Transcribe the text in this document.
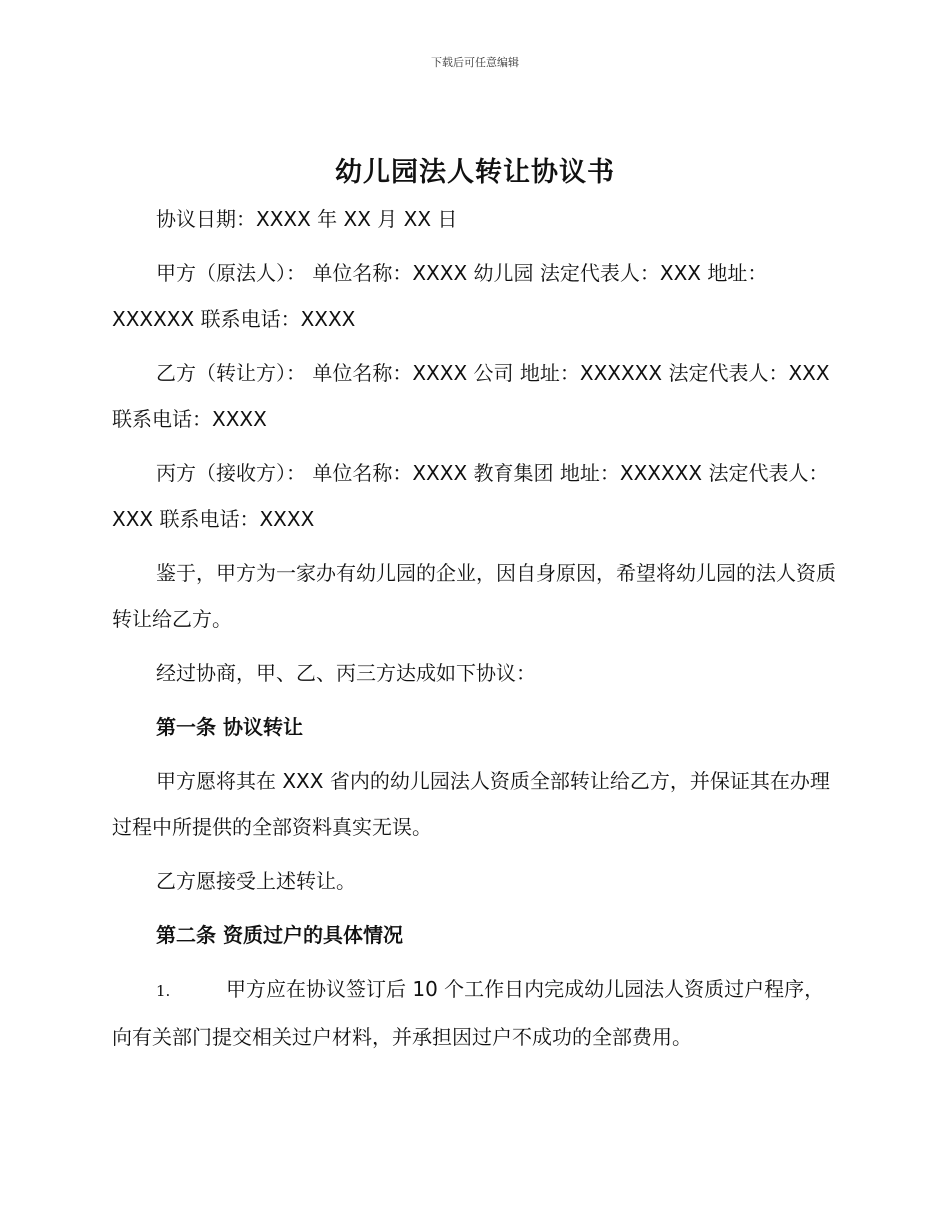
下载后可任意编辑
幼儿园法人转让协议书

协议日期：XXXX 年 XX 月 XX 日

甲方（原法人）： 单位名称：XXXX 幼儿园 法定代表人：XXX 地址：XXXXXX 联系电话：XXXX

乙方（转让方）： 单位名称：XXXX 公司 地址：XXXXXX 法定代表人：XXX 联系电话：XXXX

丙方（接收方）： 单位名称：XXXX 教育集团 地址：XXXXXX 法定代表人：XXX 联系电话：XXXX

鉴于，甲方为一家办有幼儿园的企业，因自身原因，希望将幼儿园的法人资质转让给乙方。

经过协商，甲、乙、丙三方达成如下协议：

第一条 协议转让

甲方愿将其在 XXX 省内的幼儿园法人资质全部转让给乙方，并保证其在办理过程中所提供的全部资料真实无误。

乙方愿接受上述转让。

第二条 资质过户的具体情况

1.	甲方应在协议签订后 10 个工作日内完成幼儿园法人资质过户程序，向有关部门提交相关过户材料，并承担因过户不成功的全部费用。
